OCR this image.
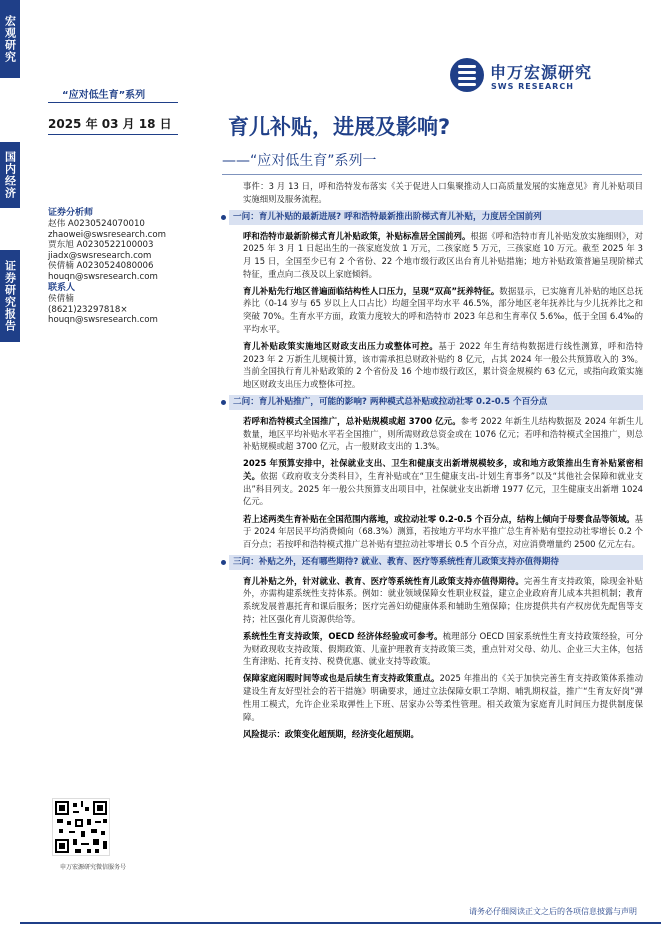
宏观研究
国内经济
证券研究报告
“应对低生育”系列
2025 年 03 月 18 日
申万宏源研究
SWS RESEARCH
育儿补贴，进展及影响?
——“应对低生育”系列一
证券分析师
赵伟 A0230524070010
zhaowei@swsresearch.com
贾东旭 A0230522100003
jiadx@swsresearch.com
侯倩楠 A0230524080006
houqn@swsresearch.com
联系人
侯倩楠
(8621)23297818×
houqn@swsresearch.com
申万宏源研究微信服务号

事件：3 月 13 日，呼和浩特发布落实《关于促进人口集聚推动人口高质量发展的实施意见》育儿补贴项目实施细则及服务流程。

一问：育儿补贴的最新进展? 呼和浩特最新推出阶梯式育儿补贴，力度居全国前列

呼和浩特市最新阶梯式育儿补贴政策，补贴标准居全国前列。根据《呼和浩特市育儿补贴发放实施细则》，对 2025 年 3 月 1 日起出生的一孩家庭发放 1 万元，二孩家庭 5 万元，三孩家庭 10 万元。截至 2025 年 3 月 15 日，全国至少已有 2 个省份、22 个地市级行政区出台育儿补贴措施；地方补贴政策普遍呈现阶梯式特征，重点向二孩及以上家庭倾斜。

育儿补贴先行地区普遍面临结构性人口压力，呈现“双高”抚养特征。数据显示，已实施育儿补贴的地区总抚养比（0-14 岁与 65 岁以上人口占比）均超全国平均水平 46.5%，部分地区老年抚养比与少儿抚养比之和突破 70%。生育水平方面，政策力度较大的呼和浩特市 2023 年总和生育率仅 5.6‰，低于全国 6.4‰的平均水平。

育儿补贴政策实施地区财政支出压力或整体可控。基于 2022 年生育结构数据进行线性测算，呼和浩特 2023 年 2 万新生儿规模计算，该市需承担总财政补贴约 8 亿元，占其 2024 年一般公共预算收入的 3%。当前全国执行育儿补贴政策的 2 个省份及 16 个地市级行政区，累计资金规模约 63 亿元，或指向政策实施地区财政支出压力或整体可控。

二问：育儿补贴推广，可能的影响? 两种模式总补贴或拉动社零 0.2-0.5 个百分点

若呼和浩特模式全国推广，总补贴规模或超 3700 亿元。参考 2022 年新生儿结构数据及 2024 年新生儿数量，地区平均补贴水平若全国推广，则所需财政总资金或在 1076 亿元；若呼和浩特模式全国推广，则总补贴规模或超 3700 亿元，占一般财政支出的 1.3%。

2025 年预算安排中，社保就业支出、卫生和健康支出新增规模较多，或和地方政策推出生育补贴紧密相关。依据《政府收支分类科目》，生育补贴或在“卫生健康支出-计划生育事务”以及“其他社会保障和就业支出”科目列支。2025 年一般公共预算支出项目中，社保就业支出新增 1977 亿元，卫生健康支出新增 1024 亿元。

若上述两类生育补贴在全国范围内落地，或拉动社零 0.2-0.5 个百分点，结构上倾向于母婴食品等领域。基于 2024 年居民平均消费倾向（68.3%）测算，若按地方平均水平推广总生育补贴有望拉动社零增长 0.2 个百分点；若按呼和浩特模式推广总补贴有望拉动社零增长 0.5 个百分点，对应消费增量约 2500 亿元左右。

三问：补贴之外，还有哪些期待? 就业、教育、医疗等系统性育儿政策支持亦值得期待

育儿补贴之外，针对就业、教育、医疗等系统性育儿政策支持亦值得期待。完善生育支持政策，除现金补贴外，亦需构建系统性支持体系。例如：就业领域保障女性职业权益，建立企业政府育儿成本共担机制；教育系统发展普惠托育和课后服务；医疗完善妇幼健康体系和辅助生殖保障；住房提供共有产权房优先配售等支持；社区强化育儿资源供给等。

系统性生育支持政策，OECD 经济体经验或可参考。梳理部分 OECD 国家系统性生育支持政策经验，可分为财政现收支持政策、假期政策、儿童护理教育支持政策三类，重点针对父母、幼儿、企业三大主体，包括生育津贴、托育支持、税费优惠、就业支持等政策。

保障家庭闲暇时间等或也是后续生育支持政策重点。2025 年推出的《关于加快完善生育支持政策体系推动建设生育友好型社会的若干措施》明确要求，通过立法保障女职工孕期、哺乳期权益，推广“生育友好岗”弹性用工模式，允许企业采取弹性上下班、居家办公等柔性管理。相关政策为家庭育儿时间压力提供制度保障。

风险提示：政策变化超预期，经济变化超预期。

请务必仔细阅读正文之后的各项信息披露与声明
